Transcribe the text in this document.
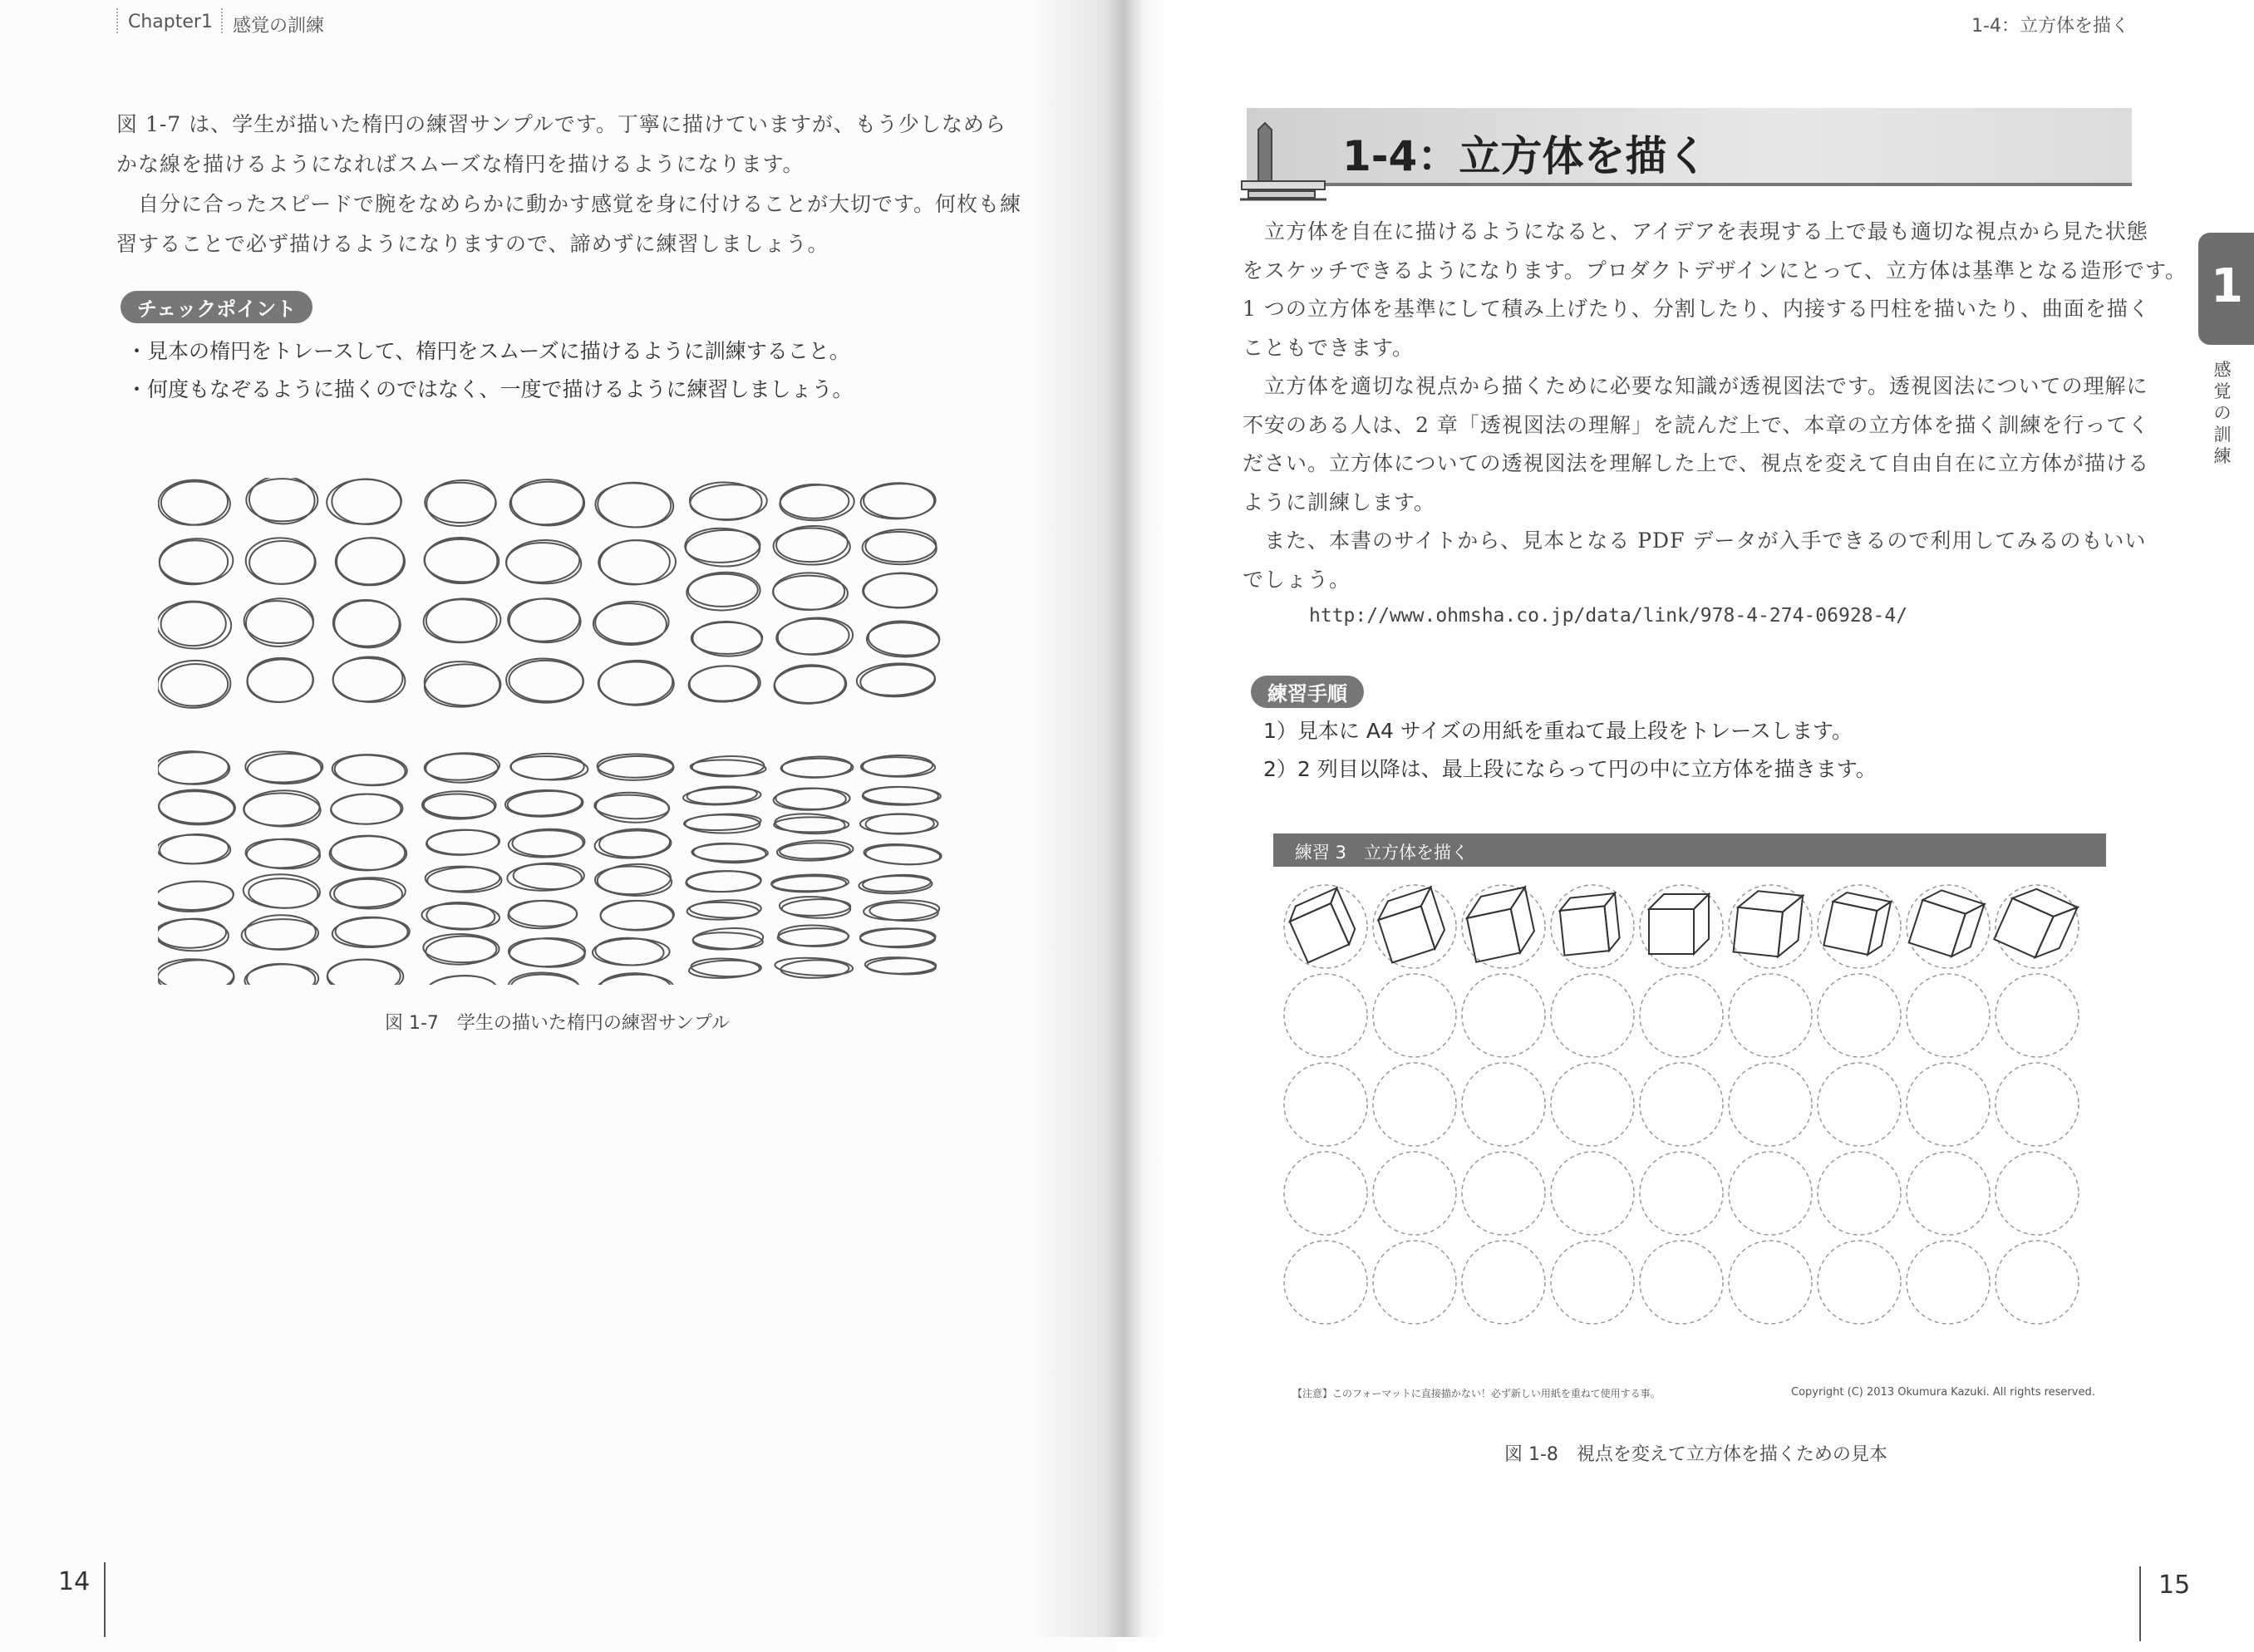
Chapter1 感覚の訓練

図 1-7 は、学生が描いた楕円の練習サンプルです。丁寧に描けていますが、もう少しなめら

かな線を描けるようになればスムーズな楕円を描けるようになります。

　自分に合ったスピードで腕をなめらかに動かす感覚を身に付けることが大切です。何枚も練

習することで必ず描けるようになりますので、諦めずに練習しましょう。

チェックポイント
・見本の楕円をトレースして、楕円をスムーズに描けるように訓練すること。
・何度もなぞるように描くのではなく、一度で描けるように練習しましょう。
図 1-7　学生の描いた楕円の練習サンプル
14
1-4：立方体を描く
1-4：立方体を描く
1
感覚の訓練

　立方体を自在に描けるようになると、アイデアを表現する上で最も適切な視点から見た状態

をスケッチできるようになります。プロダクトデザインにとって、立方体は基準となる造形です。

1 つの立方体を基準にして積み上げたり、分割したり、内接する円柱を描いたり、曲面を描く

こともできます。

　立方体を適切な視点から描くために必要な知識が透視図法です。透視図法についての理解に

不安のある人は、2 章「透視図法の理解」を読んだ上で、本章の立方体を描く訓練を行ってく

ださい。立方体についての透視図法を理解した上で、視点を変えて自由自在に立方体が描ける

ように訓練します。

　また、本書のサイトから、見本となる PDF データが入手できるので利用してみるのもいい

でしょう。

http://www.ohmsha.co.jp/data/link/978-4-274-06928-4/
練習手順
1）見本に A4 サイズの用紙を重ねて最上段をトレースします。
2）2 列目以降は、最上段にならって円の中に立方体を描きます。
練習 3　立方体を描く
【注意】このフォーマットに直接描かない！必ず新しい用紙を重ねて使用する事。	Copyright (C) 2013 Okumura Kazuki. All rights reserved.
図 1-8　視点を変えて立方体を描くための見本
15
